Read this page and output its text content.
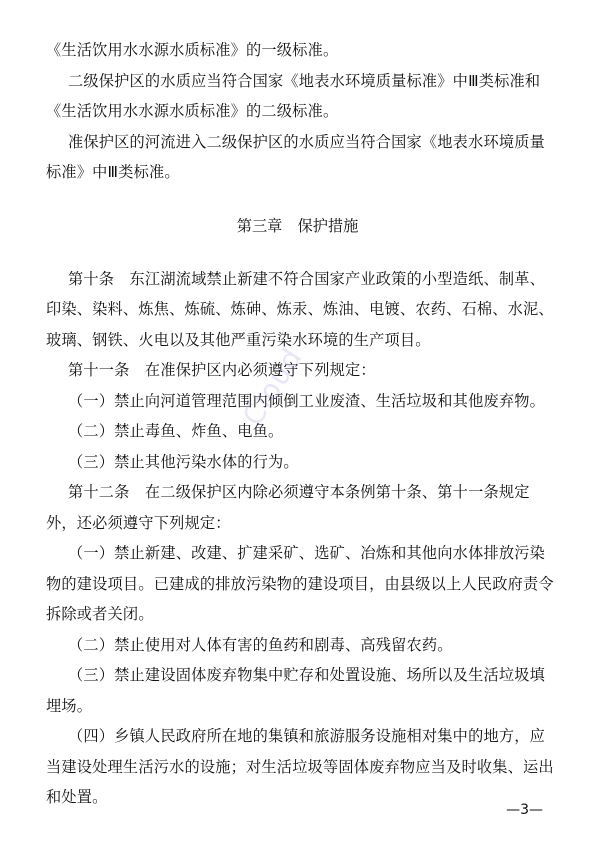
《生活饮用水水源水质标准》的一级标准。
二级保护区的水质应当符合国家《地表水环境质量标准》中Ⅲ类标准和
《生活饮用水水源水质标准》的二级标准。
准保护区的河流进入二级保护区的水质应当符合国家《地表水环境质量
标准》中Ⅲ类标准。
第三章　保护措施
第十条　东江湖流域禁止新建不符合国家产业政策的小型造纸、制革、
印染、染料、炼焦、炼硫、炼砷、炼汞、炼油、电镀、农药、石棉、水泥、
玻璃、钢铁、火电以及其他严重污染水环境的生产项目。
第十一条　在准保护区内必须遵守下列规定：
（一）禁止向河道管理范围内倾倒工业废渣、生活垃圾和其他废弃物。
（二）禁止毒鱼、炸鱼、电鱼。
（三）禁止其他污染水体的行为。
第十二条　在二级保护区内除必须遵守本条例第十条、第十一条规定
外，还必须遵守下列规定：
（一）禁止新建、改建、扩建采矿、选矿、冶炼和其他向水体排放污染
物的建设项目。已建成的排放污染物的建设项目，由县级以上人民政府责令
拆除或者关闭。
（二）禁止使用对人体有害的鱼药和剧毒、高残留农药。
（三）禁止建设固体废弃物集中贮存和处置设施、场所以及生活垃圾填
埋场。
（四）乡镇人民政府所在地的集镇和旅游服务设施相对集中的地方，应
当建设处理生活污水的设施；对生活垃圾等固体废弃物应当及时收集、运出
和处置。
—3—
Cloud
